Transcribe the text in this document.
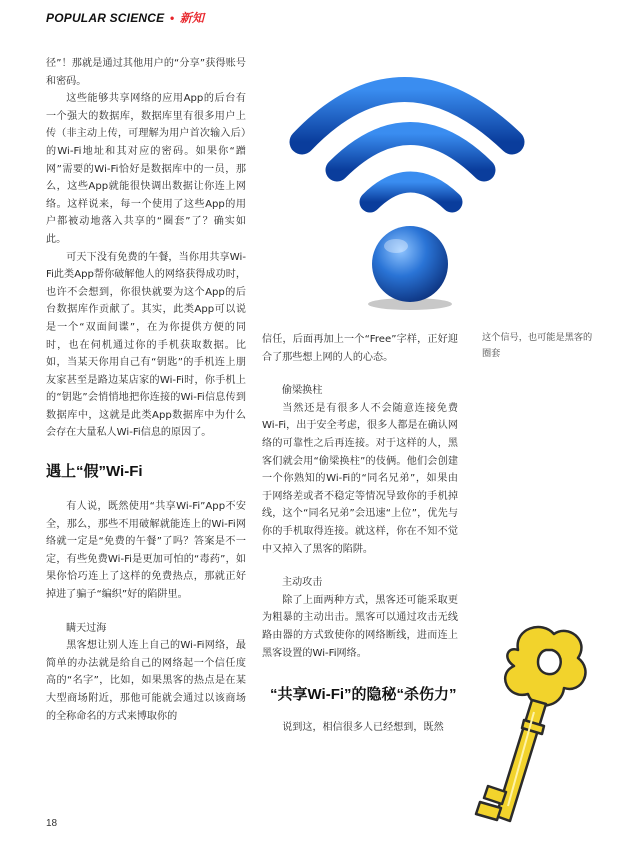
POPULAR SCIENCE • 新知

径”！那就是通过其他用户的“分享”获得账号和密码。

这些能够共享网络的应用App的后台有一个强大的数据库，数据库里有很多用户上传（非主动上传，可理解为用户首次输入后）的Wi-Fi地址和其对应的密码。如果你“蹭网”需要的Wi-Fi恰好是数据库中的一员，那么，这些App就能很快调出数据让你连上网络。这样说来，每一个使用了这些App的用户都被动地落入共享的“圈套”了？确实如此。

可天下没有免费的午餐，当你用共享Wi-Fi此类App帮你破解他人的网络获得成功时，也许不会想到，你很快就要为这个App的后台数据库作贡献了。其实，此类App可以说是一个“双面间谍”，在为你提供方便的同时，也在伺机通过你的手机获取数据。比如，当某天你用自己有“钥匙”的手机连上朋友家甚至是路边某店家的Wi-Fi时，你手机上的“钥匙”会悄悄地把你连接的Wi-Fi信息传到数据库中，这就是此类App数据库中为什么会存在大量私人Wi-Fi信息的原因了。

遇上“假”Wi-Fi

有人说，既然使用“共享Wi-Fi”App不安全，那么，那些不用破解就能连上的Wi-Fi网络就一定是“免费的午餐”了吗？答案是不一定，有些免费Wi-Fi是更加可怕的“毒药”，如果你恰巧连上了这样的免费热点，那就正好掉进了骗子“编织”好的陷阱里。

瞒天过海

黑客想让别人连上自己的Wi-Fi网络，最简单的办法就是给自己的网络起一个信任度高的“名字”，比如，如果黑客的热点是在某大型商场附近，那他可能就会通过以该商场的全称命名的方式来博取你的

信任，后面再加上一个“Free”字样，正好迎合了那些想上网的人的心态。

偷梁换柱

当然还是有很多人不会随意连接免费Wi-Fi，出于安全考虑，很多人都是在确认网络的可靠性之后再连接。对于这样的人，黑客们就会用“偷梁换柱”的伎俩。他们会创建一个你熟知的Wi-Fi的“同名兄弟”，如果由于网络差或者不稳定等情况导致你的手机掉线，这个“同名兄弟”会迅速“上位”，优先与你的手机取得连接。就这样，你在不知不觉中又掉入了黑客的陷阱。

主动攻击

除了上面两种方式，黑客还可能采取更为粗暴的主动出击。黑客可以通过攻击无线路由器的方式致使你的网络断线，进而连上黑客设置的Wi-Fi网络。

“共享Wi-Fi”的隐秘“杀伤力”

说到这，相信很多人已经想到，既然

这个信号，也可能是黑客的圈套
18
